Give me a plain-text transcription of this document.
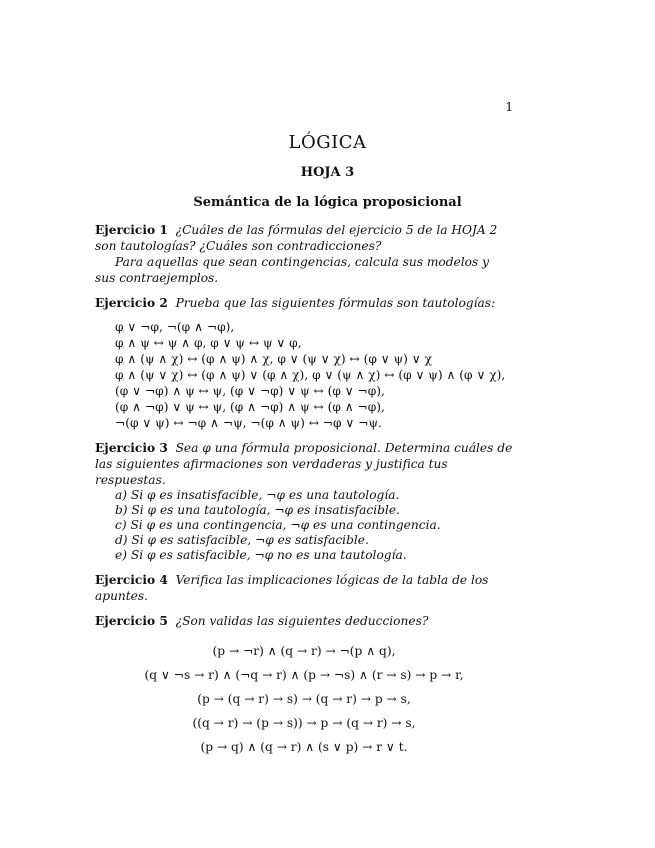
1
LÓGICA
HOJA 3
Semántica de la lógica proposicional
Ejercicio 1 ¿Cuáles de las fórmulas del ejercicio 5 de la HOJA 2 son tautologías? ¿Cuáles son contradicciones?
Para aquellas que sean contingencias, calcula sus modelos y sus contraejemplos.
Ejercicio 2 Prueba que las siguientes fórmulas son tautologías:
φ ∨ ¬φ, ¬(φ ∧ ¬φ),
φ ∧ ψ ↔ ψ ∧ φ, φ ∨ ψ ↔ ψ ∨ φ,
φ ∧ (ψ ∧ χ) ↔ (φ ∧ ψ) ∧ χ, φ ∨ (ψ ∨ χ) ↔ (φ ∨ ψ) ∨ χ
φ ∧ (ψ ∨ χ) ↔ (φ ∧ ψ) ∨ (φ ∧ χ), φ ∨ (ψ ∧ χ) ↔ (φ ∨ ψ) ∧ (φ ∨ χ),
(φ ∨ ¬φ) ∧ ψ ↔ ψ, (φ ∨ ¬φ) ∨ ψ ↔ (φ ∨ ¬φ),
(φ ∧ ¬φ) ∨ ψ ↔ ψ, (φ ∧ ¬φ) ∧ ψ ↔ (φ ∧ ¬φ),
¬(φ ∨ ψ) ↔ ¬φ ∧ ¬ψ, ¬(φ ∧ ψ) ↔ ¬φ ∨ ¬ψ.
Ejercicio 3 Sea φ una fórmula proposicional. Determina cuáles de las siguientes afirmaciones son verdaderas y justifica tus respuestas.
a) Si φ es insatisfacible, ¬φ es una tautología.
b) Si φ es una tautología, ¬φ es insatisfacible.
c) Si φ es una contingencia, ¬φ es una contingencia.
d) Si φ es satisfacible, ¬φ es satisfacible.
e) Si φ es satisfacible, ¬φ no es una tautología.
Ejercicio 4 Verifica las implicaciones lógicas de la tabla de los apuntes.
Ejercicio 5 ¿Son validas las siguientes deducciones?
(p → ¬r) ∧ (q → r) → ¬(p ∧ q),
(q ∨ ¬s → r) ∧ (¬q → r) ∧ (p → ¬s) ∧ (r → s) → p → r,
(p → (q → r) → s) → (q → r) → p → s,
((q → r) → (p → s)) → p → (q → r) → s,
(p → q) ∧ (q → r) ∧ (s ∨ p) → r ∨ t.
